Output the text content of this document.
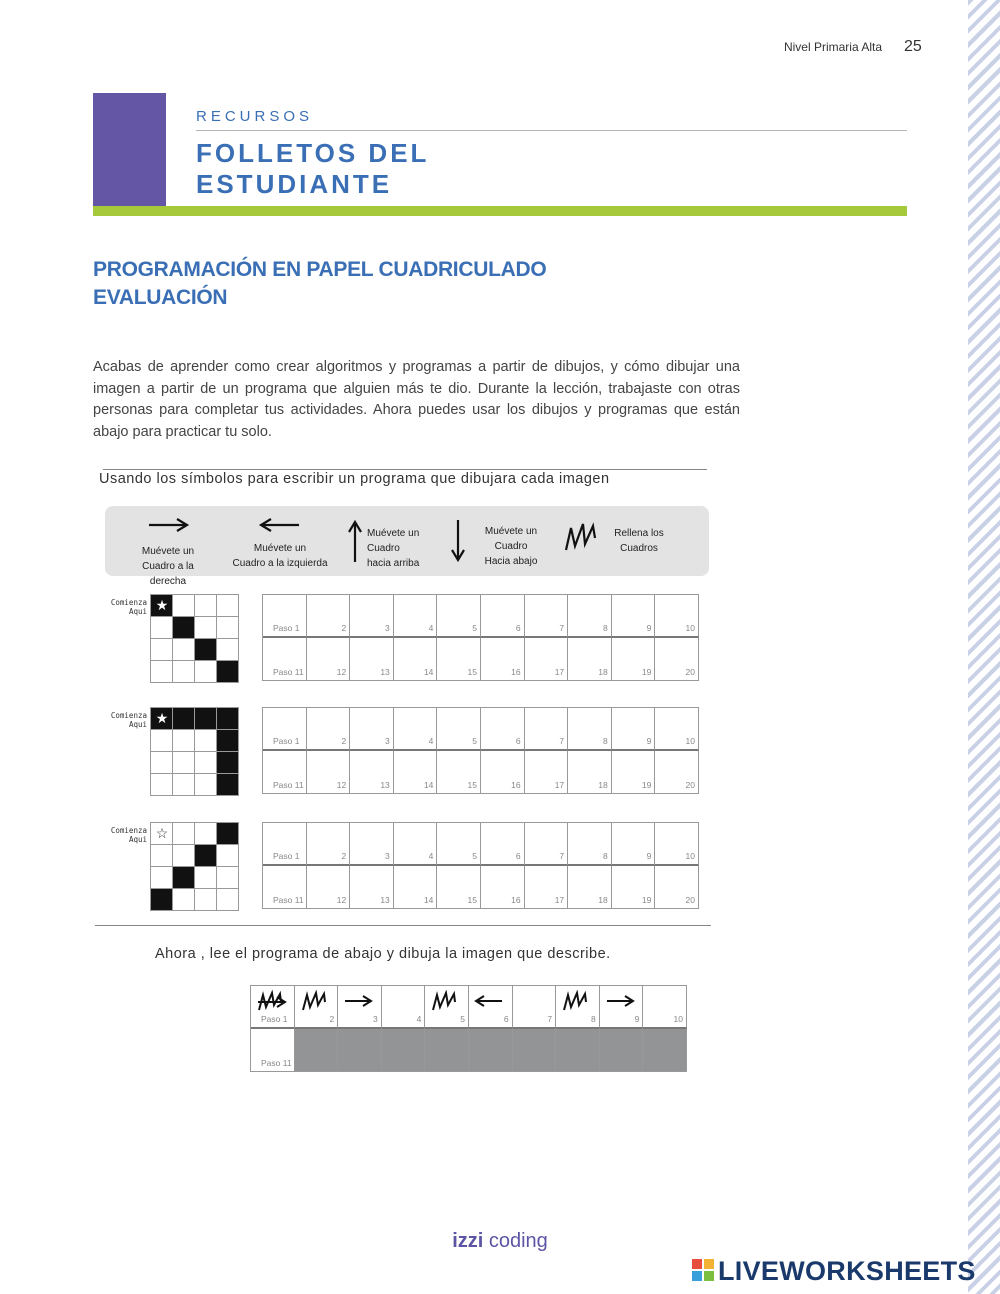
Nivel Primaria Alta 25
RECURSOS
FOLLETOS DEL
ESTUDIANTE
PROGRAMACIÓN EN PAPEL CUADRICULADO
EVALUACIÓN
Acabas de aprender como crear algoritmos y programas a partir de dibujos, y cómo dibujar una imagen a partir de un programa que alguien más te dio. Durante la lección, trabajaste con otras personas para completar tus actividades. Ahora puedes usar los dibujos y programas que están abajo para practicar tu solo.
Usando los símbolos para escribir un programa que dibujara cada imagen
Muévete un
Cuadro a la derecha
Muévete un
Cuadro a la izquierda
Muévete un
Cuadro
hacia arriba
Muévete un
Cuadro
Hacia abajo
Rellena los
Cuadros
Comienza
Aqui ★
Paso 1	2	3	4	5	6	7	8	9	10
Paso 11	12	13	14	15	16	17	18	19	20
Comienza
Aqui ★
Paso 1	2	3	4	5	6	7	8	9	10
Paso 11	12	13	14	15	16	17	18	19	20
Comienza
Aqui ☆
Paso 1	2	3	4	5	6	7	8	9	10
Paso 11	12	13	14	15	16	17	18	19	20
Ahora , lee el programa de abajo y dibuja la imagen que describe.
Paso 1	2	3	4	5	6	7	8	9	10
Paso 11
izzi coding
LIVEWORKSHEETS
